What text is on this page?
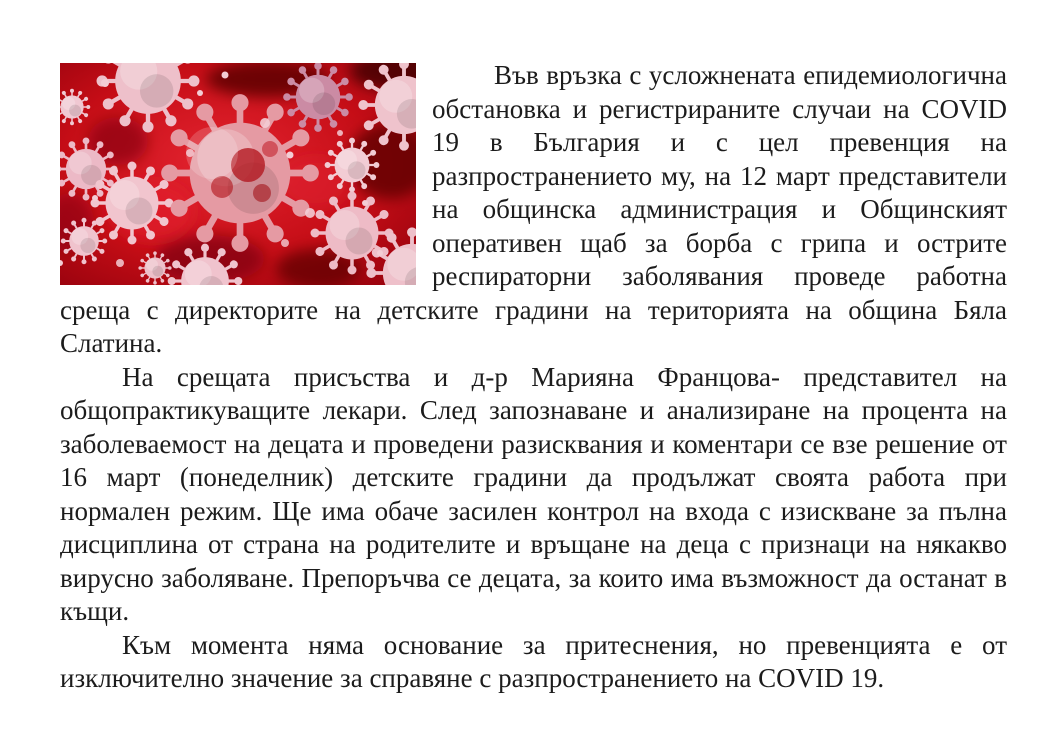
Във връзка с усложнената епидемиологична обстановка и регистрираните случаи на COVID 19 в България и с цел превенция на разпространението му, на 12 март представители на общинска администрация и Общинският оперативен щаб за борба с грипа и острите респираторни заболявания проведе работна среща с директорите на детските градини на територията на община Бяла Слатина.

На срещата присъства и д-р Марияна Францова- представител на общопрактикуващите лекари. След запознаване и анализиране на процента на заболеваемост на децата и проведени разисквания и коментари се взе решение от 16 март (понеделник) детските градини да продължат своята работа при нормален режим. Ще има обаче засилен контрол на входа с изискване за пълна дисциплина от страна на родителите и връщане на деца с признаци на някакво вирусно заболяване. Препоръчва се децата, за които има възможност да останат в къщи.

Към момента няма основание за притеснения, но превенцията е от изключително значение за справяне с разпространението на COVID 19.
